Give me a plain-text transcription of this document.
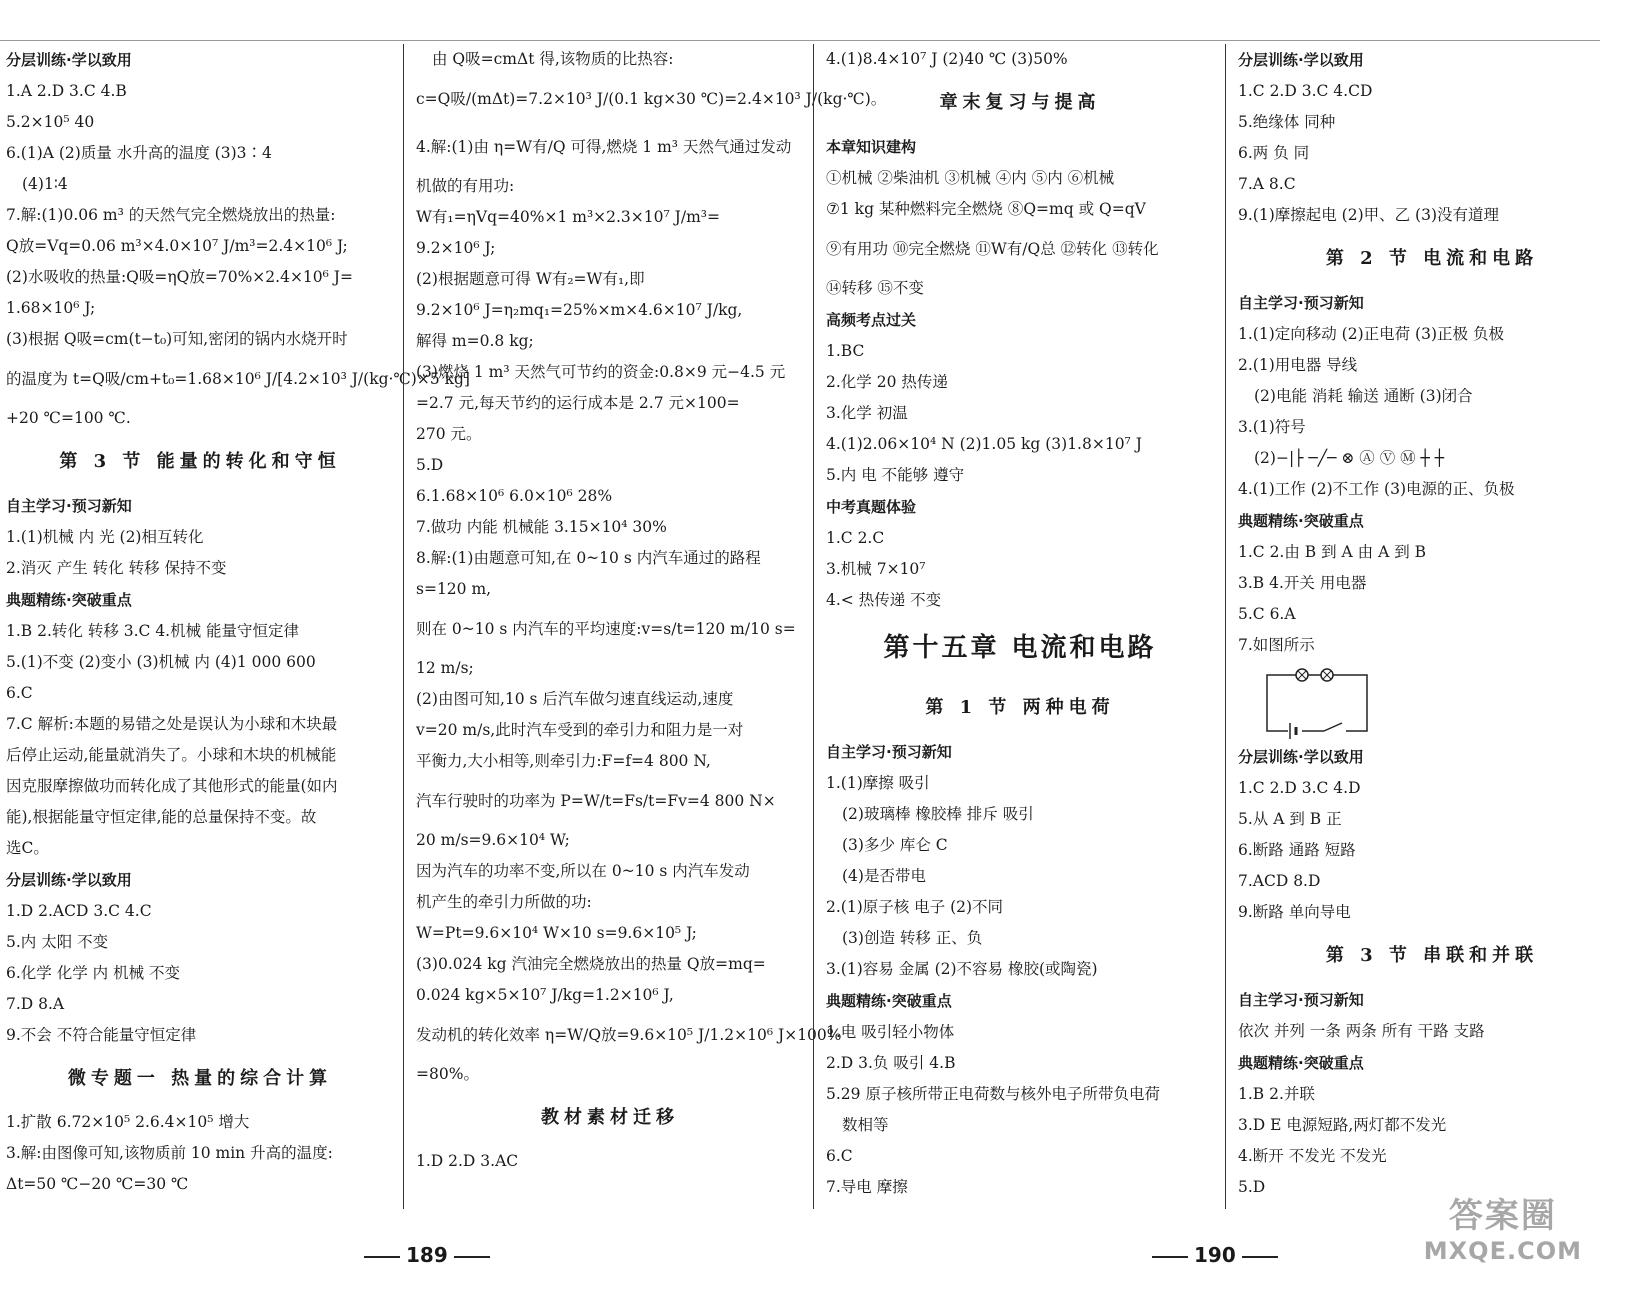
分层训练·学以致用
1.A 2.D 3.C 4.B
5.2×10⁵ 40
6.(1)A (2)质量 水升高的温度 (3)3∶4
(4)1∶4
7.解:(1)0.06 m³ 的天然气完全燃烧放出的热量:
Q放=Vq=0.06 m³×4.0×10⁷ J/m³=2.4×10⁶ J;
(2)水吸收的热量:Q吸=ηQ放=70%×2.4×10⁶ J=
1.68×10⁶ J;
(3)根据 Q吸=cm(t−t₀)可知,密闭的锅内水烧开时
的温度为 t=Q吸/cm+t₀=1.68×10⁶ J/[4.2×10³ J/(kg·℃)×5 kg]
+20 ℃=100 ℃.
第 3 节 能量的转化和守恒
自主学习·预习新知
1.(1)机械 内 光 (2)相互转化
2.消灭 产生 转化 转移 保持不变
典题精练·突破重点
1.B 2.转化 转移 3.C 4.机械 能量守恒定律
5.(1)不变 (2)变小 (3)机械 内 (4)1 000 600
6.C
7.C 解析:本题的易错之处是误认为小球和木块最
后停止运动,能量就消失了。小球和木块的机械能
因克服摩擦做功而转化成了其他形式的能量(如内
能),根据能量守恒定律,能的总量保持不变。故
选C。
分层训练·学以致用
1.D 2.ACD 3.C 4.C
5.内 太阳 不变
6.化学 化学 内 机械 不变
7.D 8.A
9.不会 不符合能量守恒定律
微专题一 热量的综合计算
1.扩散 6.72×10⁵ 2.6.4×10⁵ 增大
3.解:由图像可知,该物质前 10 min 升高的温度:
Δt=50 ℃−20 ℃=30 ℃
由 Q吸=cmΔt 得,该物质的比热容:
c=Q吸/(mΔt)=7.2×10³ J/(0.1 kg×30 ℃)=2.4×10³ J/(kg·℃)。
4.解:(1)由 η=W有/Q 可得,燃烧 1 m³ 天然气通过发动
机做的有用功:
W有₁=ηVq=40%×1 m³×2.3×10⁷ J/m³=
9.2×10⁶ J;
(2)根据题意可得 W有₂=W有₁,即
9.2×10⁶ J=η₂mq₁=25%×m×4.6×10⁷ J/kg,
解得 m=0.8 kg;
(3)燃烧 1 m³ 天然气可节约的资金:0.8×9 元−4.5 元
=2.7 元,每天节约的运行成本是 2.7 元×100=
270 元。
5.D
6.1.68×10⁶ 6.0×10⁶ 28%
7.做功 内能 机械能 3.15×10⁴ 30%
8.解:(1)由题意可知,在 0~10 s 内汽车通过的路程
s=120 m,
则在 0~10 s 内汽车的平均速度:v=s/t=120 m/10 s=
12 m/s;
(2)由图可知,10 s 后汽车做匀速直线运动,速度
v=20 m/s,此时汽车受到的牵引力和阻力是一对
平衡力,大小相等,则牵引力:F=f=4 800 N,
汽车行驶时的功率为 P=W/t=Fs/t=Fv=4 800 N×
20 m/s=9.6×10⁴ W;
因为汽车的功率不变,所以在 0~10 s 内汽车发动
机产生的牵引力所做的功:
W=Pt=9.6×10⁴ W×10 s=9.6×10⁵ J;
(3)0.024 kg 汽油完全燃烧放出的热量 Q放=mq=
0.024 kg×5×10⁷ J/kg=1.2×10⁶ J,
发动机的转化效率 η=W/Q放=9.6×10⁵ J/1.2×10⁶ J×100%
=80%。
教材素材迁移
1.D 2.D 3.AC
4.(1)8.4×10⁷ J (2)40 ℃ (3)50%
章末复习与提高
本章知识建构
①机械 ②柴油机 ③机械 ④内 ⑤内 ⑥机械
⑦1 kg 某种燃料完全燃烧 ⑧Q=mq 或 Q=qV
⑨有用功 ⑩完全燃烧 ⑪W有/Q总 ⑫转化 ⑬转化
⑭转移 ⑮不变
高频考点过关
1.BC
2.化学 20 热传递
3.化学 初温
4.(1)2.06×10⁴ N (2)1.05 kg (3)1.8×10⁷ J
5.内 电 不能够 遵守
中考真题体验
1.C 2.C
3.机械 7×10⁷
4.< 热传递 不变
第十五章 电流和电路
第 1 节 两种电荷
自主学习·预习新知
1.(1)摩擦 吸引
(2)玻璃棒 橡胶棒 排斥 吸引
(3)多少 库仑 C
(4)是否带电
2.(1)原子核 电子 (2)不同
(3)创造 转移 正、负
3.(1)容易 金属 (2)不容易 橡胶(或陶瓷)
典题精练·突破重点
1.电 吸引轻小物体
2.D 3.负 吸引 4.B
5.29 原子核所带正电荷数与核外电子所带负电荷
数相等
6.C
7.导电 摩擦
分层训练·学以致用
1.C 2.D 3.C 4.CD
5.绝缘体 同种
6.两 负 同
7.A 8.C
9.(1)摩擦起电 (2)甲、乙 (3)没有道理
第 2 节 电流和电路
自主学习·预习新知
1.(1)定向移动 (2)正电荷 (3)正极 负极
2.(1)用电器 导线
(2)电能 消耗 输送 通断 (3)闭合
3.(1)符号
(2)−|├ ─╱─ ⊗ Ⓐ Ⓥ Ⓜ ┼ ┼
4.(1)工作 (2)不工作 (3)电源的正、负极
典题精练·突破重点
1.C 2.由 B 到 A 由 A 到 B
3.B 4.开关 用电器
5.C 6.A
7.如图所示
分层训练·学以致用
1.C 2.D 3.C 4.D
5.从 A 到 B 正
6.断路 通路 短路
7.ACD 8.D
9.断路 单向导电
第 3 节 串联和并联
自主学习·预习新知
依次 并列 一条 两条 所有 干路 支路
典题精练·突破重点
1.B 2.并联
3.D E 电源短路,两灯都不发光
4.断开 不发光 不发光
5.D
189	190
答案圈
MXQE.COM
